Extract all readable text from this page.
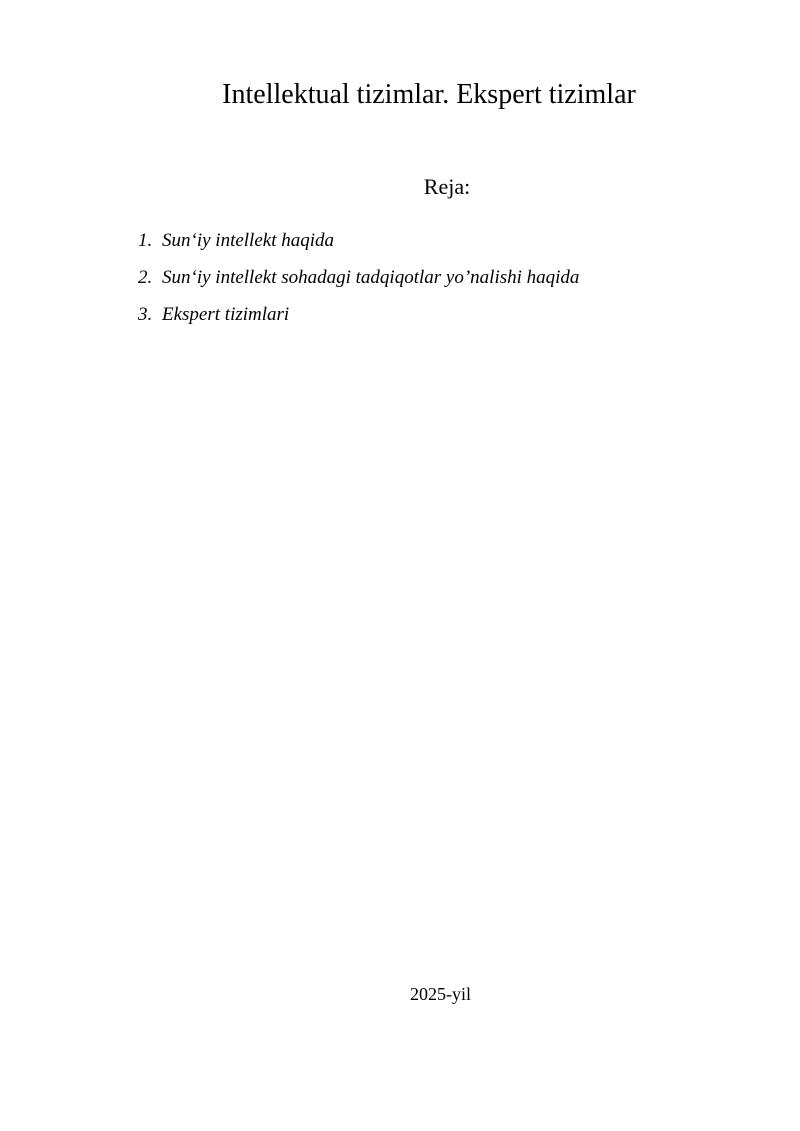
Intellektual tizimlar. Ekspert tizimlar
Reja:
1. Sun‘iy intellekt haqida
2. Sun‘iy intellekt sohadagi tadqiqotlar yo’nalishi haqida
3. Ekspert tizimlari

2025-yil
